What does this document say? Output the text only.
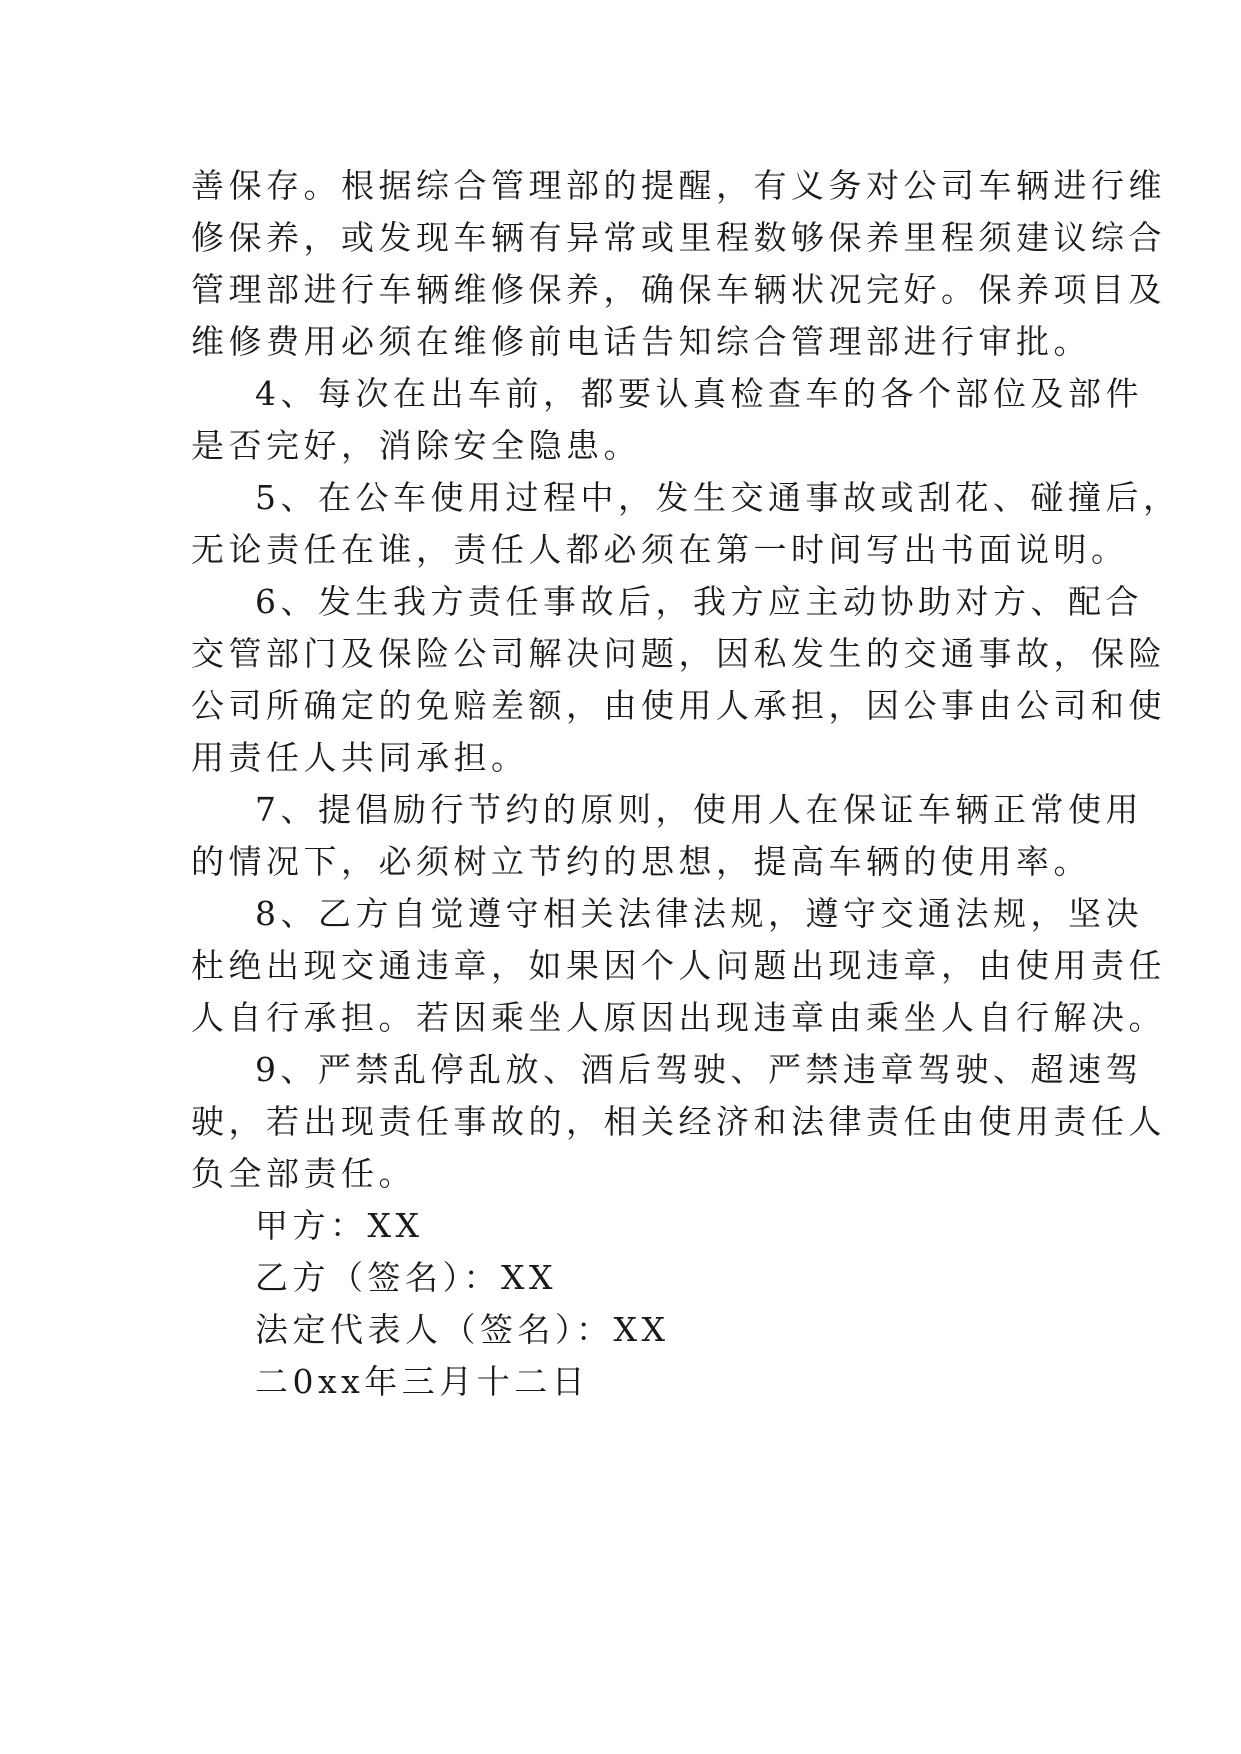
善保存。根据综合管理部的提醒，有义务对公司车辆进行维
修保养，或发现车辆有异常或里程数够保养里程须建议综合
管理部进行车辆维修保养，确保车辆状况完好。保养项目及
维修费用必须在维修前电话告知综合管理部进行审批。
4、每次在出车前，都要认真检查车的各个部位及部件
是否完好，消除安全隐患。
5、在公车使用过程中，发生交通事故或刮花、碰撞后，
无论责任在谁，责任人都必须在第一时间写出书面说明。
6、发生我方责任事故后，我方应主动协助对方、配合
交管部门及保险公司解决问题，因私发生的交通事故，保险
公司所确定的免赔差额，由使用人承担，因公事由公司和使
用责任人共同承担。
7、提倡励行节约的原则，使用人在保证车辆正常使用
的情况下，必须树立节约的思想，提高车辆的使用率。
8、乙方自觉遵守相关法律法规，遵守交通法规，坚决
杜绝出现交通违章，如果因个人问题出现违章，由使用责任
人自行承担。若因乘坐人原因出现违章由乘坐人自行解决。
9、严禁乱停乱放、酒后驾驶、严禁违章驾驶、超速驾
驶，若出现责任事故的，相关经济和法律责任由使用责任人
负全部责任。
甲方：XX
乙方（签名）：XX
法定代表人（签名）：XX
二0xx年三月十二日
